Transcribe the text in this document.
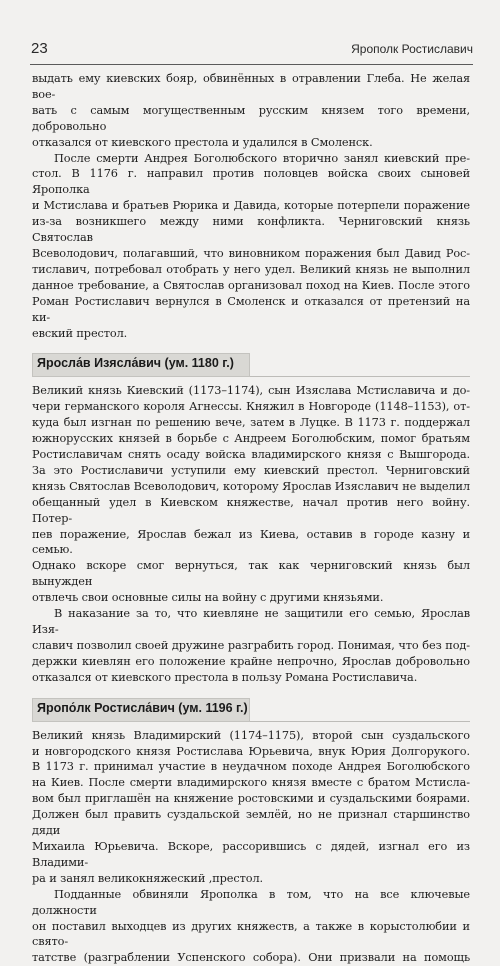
23	Ярополк Ростиславич

выдать ему киевских бояр, обвинённых в отравлении Глеба. Не желая воe-

вать с самым могущественным русским князем того времени, добровольно

отказался от киевского престола и удалился в Смоленск.

После смерти Андрея Боголюбского вторично занял киевский пре-

стол. В 1176 г. направил против половцев войска своих сыновей Ярополка

и Мстислава и братьев Рюрика и Давида, которые потерпели поражение

из-за возникшего между ними конфликта. Черниговский князь Святослав

Всеволодович, полагавший, что виновником поражения был Давид Рос-

тиславич, потребовал отобрать у него удел. Великий князь не выполнил

данное требование, а Святослав организовал поход на Киев. После этого

Роман Ростиславич вернулся в Смоленск и отказался от претензий на ки-

евский престол.

Яросла́в Изясла́вич (ум. 1180 г.)

Великий князь Киевский (1173–1174), сын Изяслава Мстиславича и до-

чери германского короля Агнессы. Княжил в Новгороде (1148–1153), от-

куда был изгнан по решению вече, затем в Луцке. В 1173 г. поддержал

южнорусских князей в борьбе с Андреем Боголюбским, помог братьям

Ростиславичам снять осаду войска владимирского князя с Вышгорода.

За это Ростиславичи уступили ему киевский престол. Черниговский

князь Святослав Всеволодович, которому Ярослав Изяславич не выделил

обещанный удел в Киевском княжестве, начал против него войну. Потер-

пев поражение, Ярослав бежал из Киева, оставив в городе казну и семью.

Однако вскоре смог вернуться, так как черниговский князь был вынужден

отвлечь свои основные силы на войну с другими князьями.

В наказание за то, что киевляне не защитили его семью, Ярослав Изя-

славич позволил своей дружине разграбить город. Понимая, что без под-

держки киевлян его положение крайне непрочно, Ярослав добровольно

отказался от киевского престола в пользу Романа Ростиславича.

Яропо́лк Ростисла́вич (ум. 1196 г.)

Великий князь Владимирский (1174–1175), второй сын суздальского

и новгородского князя Ростислава Юрьевича, внук Юрия Долгорукого.

В 1173 г. принимал участие в неудачном походе Андрея Боголюбского

на Киев. После смерти владимирского князя вместе с братом Мстисла-

вом был приглашён на княжение ростовскими и суздальскими боярами.

Должен был править суздальской землёй, но не признал старшинство дяди

Михаила Юрьевича. Вскоре, рассорившись с дядей, изгнал его из Владими-

ра и занял великокняжеский ,престол.

Подданные обвиняли Ярополка в том, что на все ключевые должности

он поставил выходцев из других княжеств, а также в корыстолюбии и свято-

татстве (разграблении Успенского собора). Они призвали на помощь
